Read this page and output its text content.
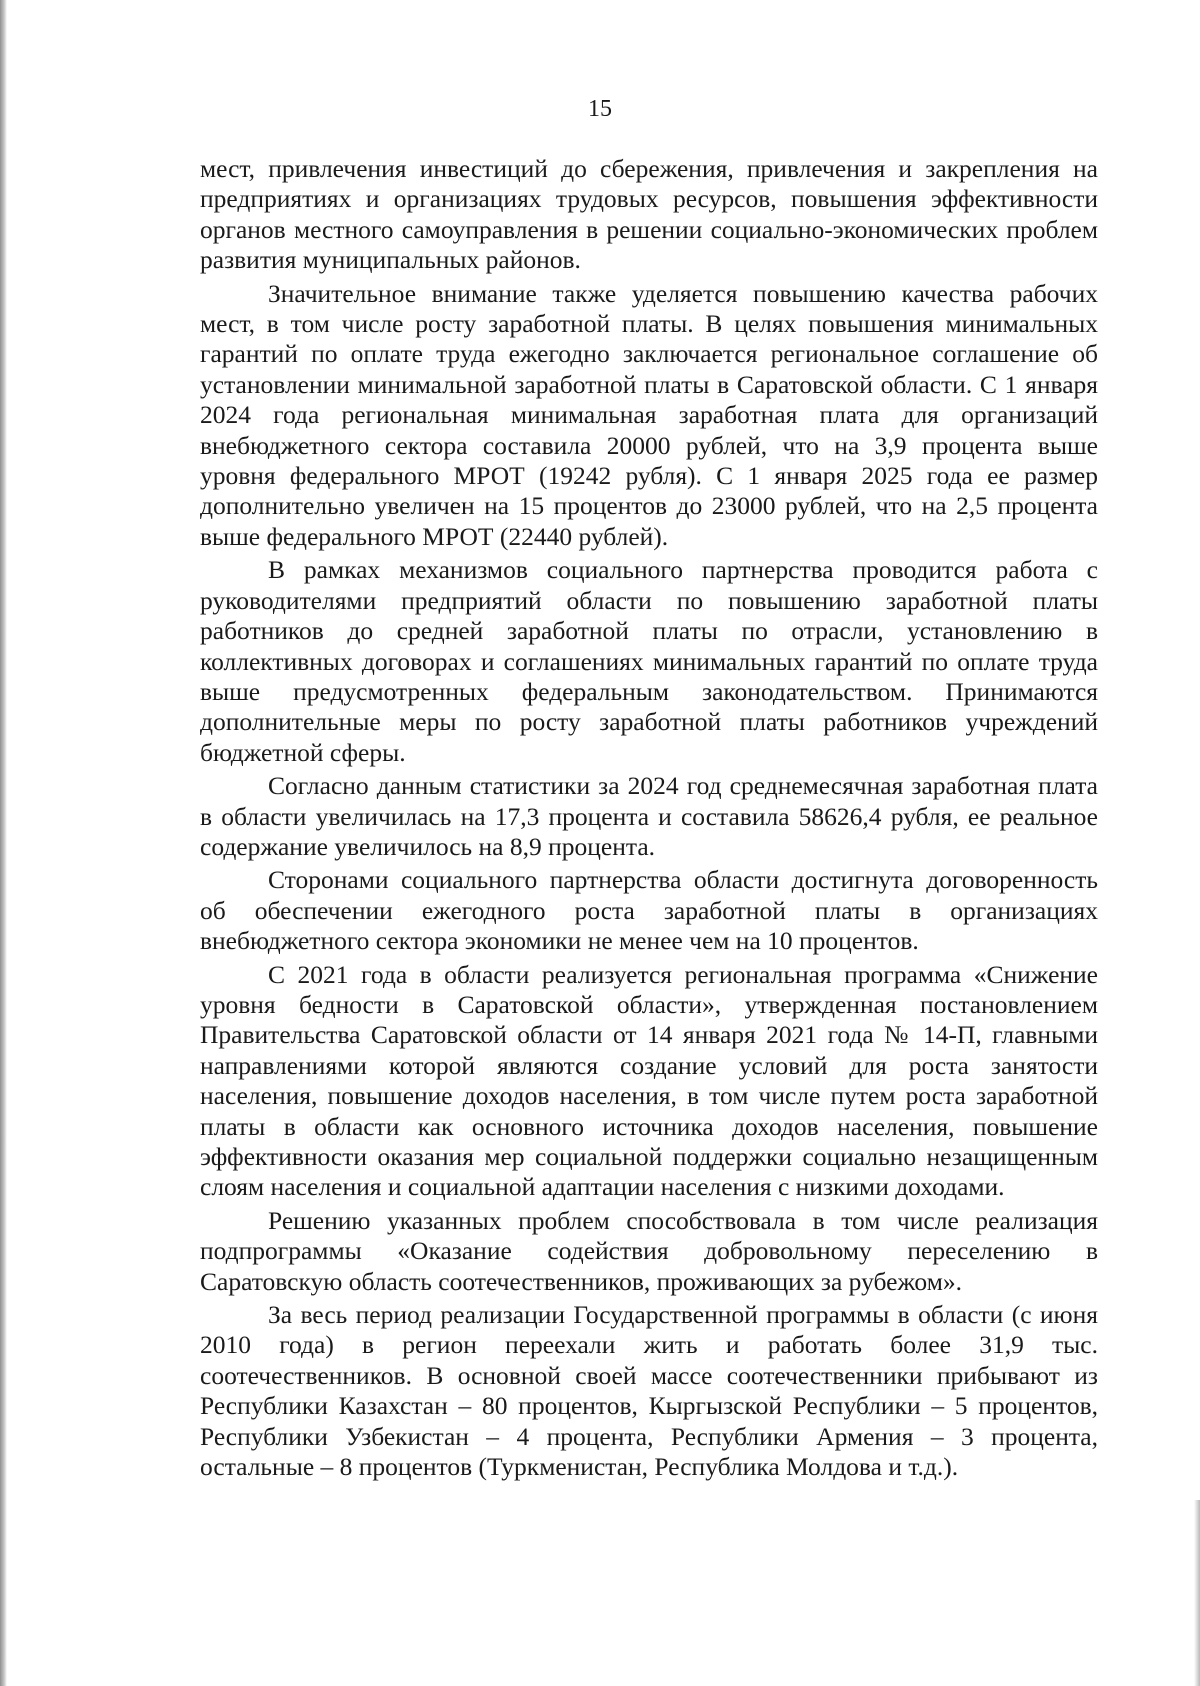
15

мест, привлечения инвестиций до сбережения, привлечения и закрепления на предприятиях и организациях трудовых ресурсов, повышения эффективности органов местного самоуправления в решении социально-экономических проблем развития муниципальных районов.

Значительное внимание также уделяется повышению качества рабочих мест, в том числе росту заработной платы. В целях повышения минимальных гарантий по оплате труда ежегодно заключается региональное соглашение об установлении минимальной заработной платы в Саратовской области. С 1 января 2024 года региональная минимальная заработная плата для организаций внебюджетного сектора составила 20000 рублей, что на 3,9 процента выше уровня федерального МРОТ (19242 рубля). С 1 января 2025 года ее размер дополнительно увеличен на 15 процентов до 23000 рублей, что на 2,5 процента выше федерального МРОТ (22440 рублей).

В рамках механизмов социального партнерства проводится работа с руководителями предприятий области по повышению заработной платы работников до средней заработной платы по отрасли, установлению в коллективных договорах и соглашениях минимальных гарантий по оплате труда выше предусмотренных федеральным законодательством. Принимаются дополнительные меры по росту заработной платы работников учреждений бюджетной сферы.

Согласно данным статистики за 2024 год среднемесячная заработная плата в области увеличилась на 17,3 процента и составила 58626,4 рубля, ее реальное содержание увеличилось на 8,9 процента.

Сторонами социального партнерства области достигнута договоренность об обеспечении ежегодного роста заработной платы в организациях внебюджетного сектора экономики не менее чем на 10 процентов.

С 2021 года в области реализуется региональная программа «Снижение уровня бедности в Саратовской области», утвержденная постановлением Правительства Саратовской области от 14 января 2021 года № 14-П, главными направлениями которой являются создание условий для роста занятости населения, повышение доходов населения, в том числе путем роста заработной платы в области как основного источника доходов населения, повышение эффективности оказания мер социальной поддержки социально незащищенным слоям населения и социальной адаптации населения с низкими доходами.

Решению указанных проблем способствовала в том числе реализация подпрограммы «Оказание содействия добровольному переселению в Саратовскую область соотечественников, проживающих за рубежом».

За весь период реализации Государственной программы в области (с июня 2010 года) в регион переехали жить и работать более 31,9 тыс. соотечественников. В основной своей массе соотечественники прибывают из Республики Казахстан – 80 процентов, Кыргызской Республики – 5 процентов, Республики Узбекистан – 4 процента, Республики Армения – 3 процента, остальные – 8 процентов (Туркменистан, Республика Молдова и т.д.).
